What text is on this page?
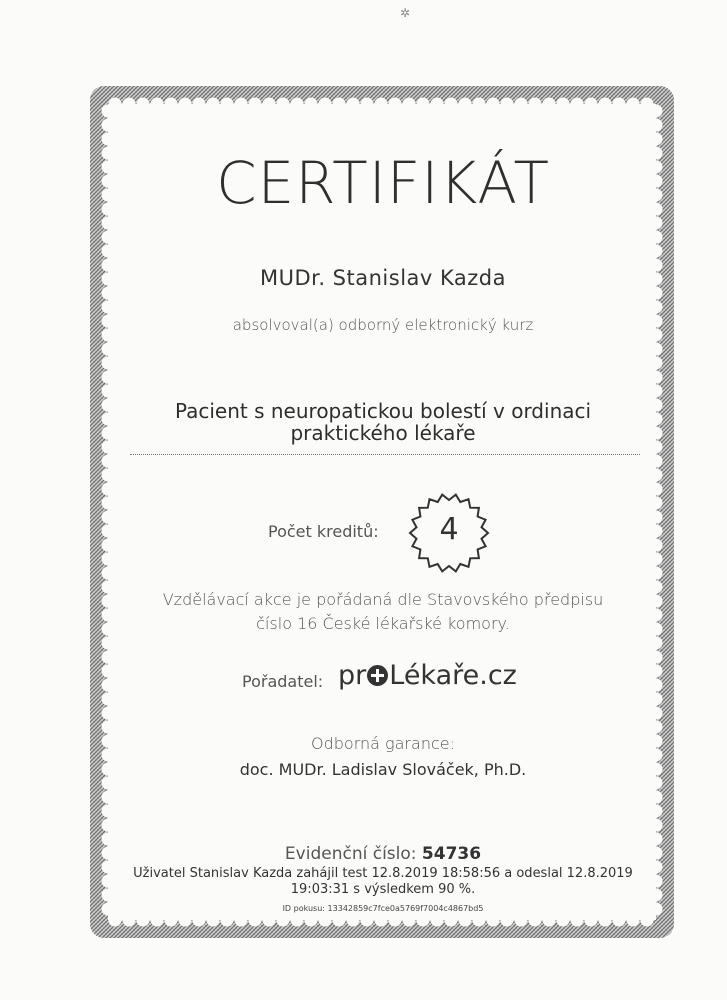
✲
CERTIFIKÁT
MUDr. Stanislav Kazda
absolvoval(a) odborný elektronický kurz
Pacient s neuropatickou bolestí v ordinaci
praktického lékaře
Počet kreditů:	4
Vzdělávací akce je pořádaná dle Stavovského předpisu
číslo 16 České lékařské komory.
Pořadatel: pr Lékaře.cz
Odborná garance:
doc. MUDr. Ladislav Slováček, Ph.D.
Evidenční číslo: 54736
Uživatel Stanislav Kazda zahájil test 12.8.2019 18:58:56 a odeslal 12.8.2019
19:03:31 s výsledkem 90 %.
ID pokusu: 13342859c7fce0a5769f7004c4867bd5
